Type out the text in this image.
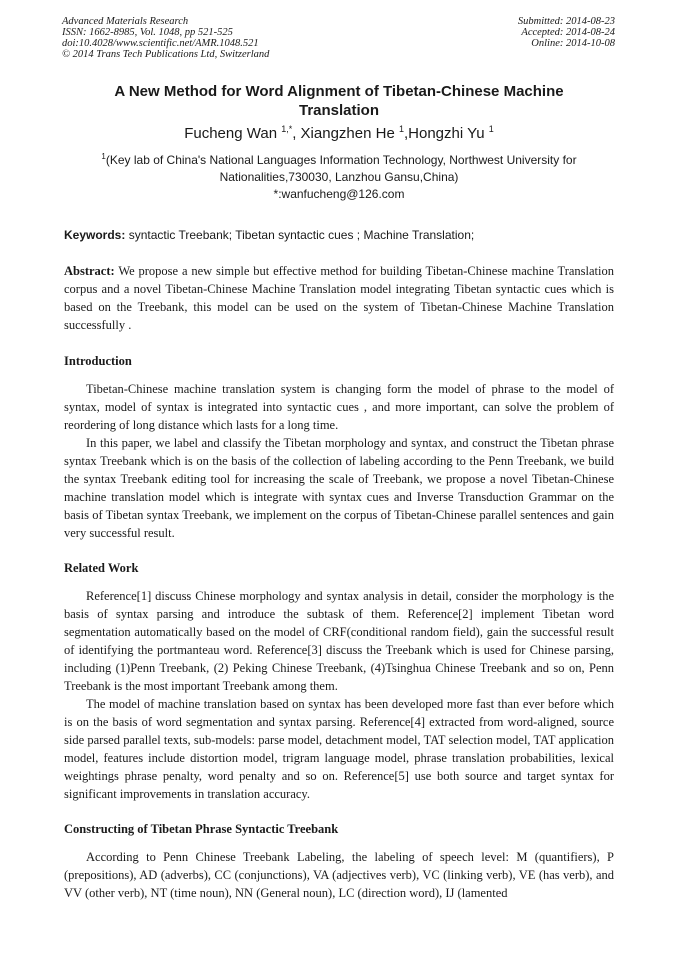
Advanced Materials Research
ISSN: 1662-8985, Vol. 1048, pp 521-525
doi:10.4028/www.scientific.net/AMR.1048.521
© 2014 Trans Tech Publications Ltd, Switzerland
Submitted: 2014-08-23
Accepted: 2014-08-24
Online: 2014-10-08
A New Method for Word Alignment of Tibetan-Chinese Machine
Translation
Fucheng Wan $^{1,*}$, Xiangzhen He $^1$,Hongzhi Yu $^1$
$^1$(Key lab of China's National Languages Information Technology, Northwest University for
Nationalities,730030, Lanzhou Gansu,China)
*:wanfucheng@126.com
Keywords: syntactic Treebank; Tibetan syntactic cues ; Machine Translation;

Abstract: We propose a new simple but effective method for building Tibetan-Chinese machine Translation corpus and a novel Tibetan-Chinese Machine Translation model integrating Tibetan syntactic cues which is based on the Treebank, this model can be used on the system of Tibetan-Chinese Machine Translation successfully .

Introduction

Tibetan-Chinese machine translation system is changing form the model of phrase to the model of syntax, model of syntax is integrated into syntactic cues , and more important, can solve the problem of reordering of long distance which lasts for a long time.

In this paper, we label and classify the Tibetan morphology and syntax, and construct the Tibetan phrase syntax Treebank which is on the basis of the collection of labeling according to the Penn Treebank, we build the syntax Treebank editing tool for increasing the scale of Treebank, we propose a novel Tibetan-Chinese machine translation model which is integrate with syntax cues and Inverse Transduction Grammar on the basis of Tibetan syntax Treebank, we implement on the corpus of Tibetan-Chinese parallel sentences and gain very successful result.

Related Work

Reference[1] discuss Chinese morphology and syntax analysis in detail, consider the morphology is the basis of syntax parsing and introduce the subtask of them. Reference[2] implement Tibetan word segmentation automatically based on the model of CRF(conditional random field), gain the successful result of identifying the portmanteau word. Reference[3] discuss the Treebank which is used for Chinese parsing, including (1)Penn Treebank, (2) Peking Chinese Treebank, (4)Tsinghua Chinese Treebank and so on, Penn Treebank is the most important Treebank among them.

The model of machine translation based on syntax has been developed more fast than ever before which is on the basis of word segmentation and syntax parsing. Reference[4] extracted from word-aligned, source side parsed parallel texts, sub-models: parse model, detachment model, TAT selection model, TAT application model, features include distortion model, trigram language model, phrase translation probabilities, lexical weightings phrase penalty, word penalty and so on. Reference[5] use both source and target syntax for significant improvements in translation accuracy.

Constructing of Tibetan Phrase Syntactic Treebank

According to Penn Chinese Treebank Labeling, the labeling of speech level: M (quantifiers), P (prepositions), AD (adverbs), CC (conjunctions), VA (adjectives verb), VC (linking verb), VE (has verb), and VV (other verb), NT (time noun), NN (General noun), LC (direction word), IJ (lamented
